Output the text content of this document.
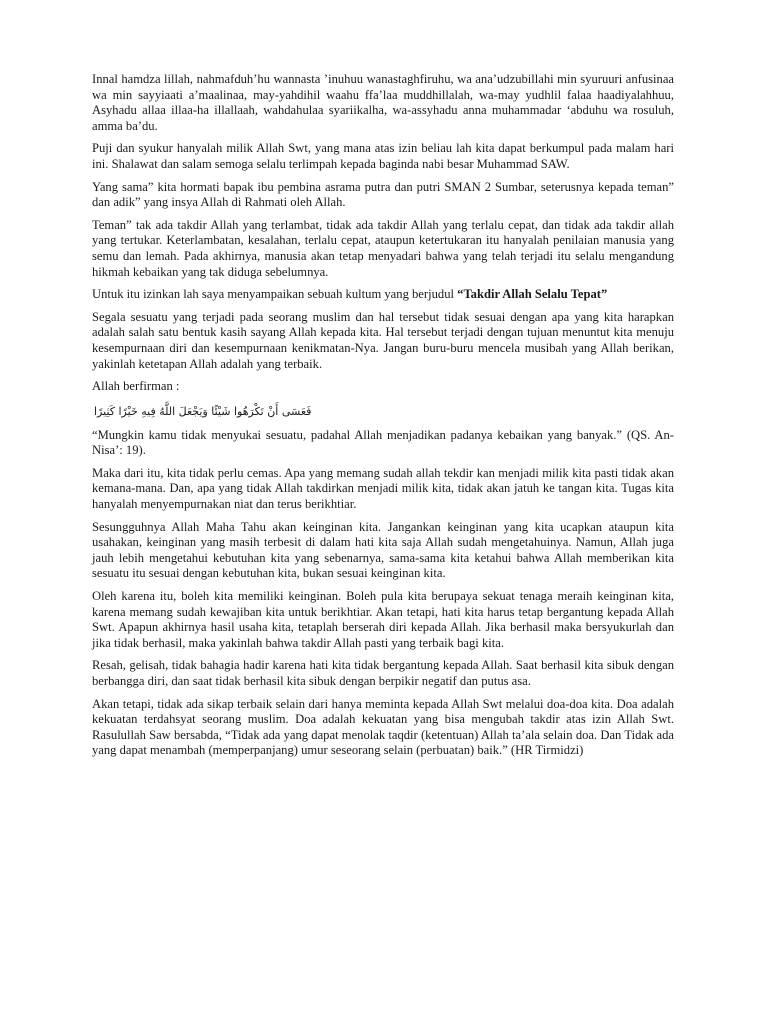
Innal hamdza lillah, nahmafduh’hu wannasta ’inuhuu wanastaghfiruhu, wa ana’udzubillahi min syuruuri anfusinaa wa min sayyiaati a’maalinaa, may-yahdihil waahu ffa’laa muddhillalah, wa-may yudhlil falaa haadiyalahhuu, Asyhadu allaa illaa-ha illallaah, wahdahulaa syariikalha, wa-assyhadu anna muhammadar ‘abduhu wa rosuluh, amma ba’du.

Puji dan syukur hanyalah milik Allah Swt, yang mana atas izin beliau lah kita dapat berkumpul pada malam hari ini. Shalawat dan salam semoga selalu terlimpah kepada baginda nabi besar Muhammad SAW.

Yang sama” kita hormati bapak ibu pembina asrama putra dan putri SMAN 2 Sumbar, seterusnya kepada teman” dan adik” yang insya Allah di Rahmati oleh Allah.

Teman” tak ada takdir Allah yang terlambat, tidak ada takdir Allah yang terlalu cepat, dan tidak ada takdir allah yang tertukar. Keterlambatan, kesalahan, terlalu cepat, ataupun ketertukaran itu hanyalah penilaian manusia yang semu dan lemah. Pada akhirnya, manusia akan tetap menyadari bahwa yang telah terjadi itu selalu mengandung hikmah kebaikan yang tak diduga sebelumnya.

Untuk itu izinkan lah saya menyampaikan sebuah kultum yang berjudul “Takdir Allah Selalu Tepat”

Segala sesuatu yang terjadi pada seorang muslim dan hal tersebut tidak sesuai dengan apa yang kita harapkan adalah salah satu bentuk kasih sayang Allah kepada kita. Hal tersebut terjadi dengan tujuan menuntut kita menuju kesempurnaan diri dan kesempurnaan kenikmatan-Nya. Jangan buru-buru mencela musibah yang Allah berikan, yakinlah ketetapan Allah adalah yang terbaik.

Allah berfirman :

فَعَسَى أَنْ تَكْرَهُوا شَيْئًا وَيَجْعَلَ اللَّهُ فِيهِ خَيْرًا كَثِيرًا

“Mungkin kamu tidak menyukai sesuatu, padahal Allah menjadikan padanya kebaikan yang banyak.” (QS. An-Nisa’: 19).

Maka dari itu, kita tidak perlu cemas. Apa yang memang sudah allah tekdir kan menjadi milik kita pasti tidak akan kemana-mana. Dan, apa yang tidak Allah takdirkan menjadi milik kita, tidak akan jatuh ke tangan kita. Tugas kita hanyalah menyempurnakan niat dan terus berikhtiar.

Sesungguhnya Allah Maha Tahu akan keinginan kita. Jangankan keinginan yang kita ucapkan ataupun kita usahakan, keinginan yang masih terbesit di dalam hati kita saja Allah sudah mengetahuinya. Namun, Allah juga jauh lebih mengetahui kebutuhan kita yang sebenarnya, sama-sama kita ketahui bahwa Allah memberikan kita sesuatu itu sesuai dengan kebutuhan kita, bukan sesuai keinginan kita.

Oleh karena itu, boleh kita memiliki keinginan. Boleh pula kita berupaya sekuat tenaga meraih keinginan kita, karena memang sudah kewajiban kita untuk berikhtiar. Akan tetapi, hati kita harus tetap bergantung kepada Allah Swt. Apapun akhirnya hasil usaha kita, tetaplah berserah diri kepada Allah. Jika berhasil maka bersyukurlah dan jika tidak berhasil, maka yakinlah bahwa takdir Allah pasti yang terbaik bagi kita.

Resah, gelisah, tidak bahagia hadir karena hati kita tidak bergantung kepada Allah. Saat berhasil kita sibuk dengan berbangga diri, dan saat tidak berhasil kita sibuk dengan berpikir negatif dan putus asa.

Akan tetapi, tidak ada sikap terbaik selain dari hanya meminta kepada Allah Swt melalui doa-doa kita. Doa adalah kekuatan terdahsyat seorang muslim. Doa adalah kekuatan yang bisa mengubah takdir atas izin Allah Swt. Rasulullah Saw bersabda, “Tidak ada yang dapat menolak taqdir (ketentuan) Allah ta’ala selain doa. Dan Tidak ada yang dapat menambah (memperpanjang) umur seseorang selain (perbuatan) baik.” (HR Tirmidzi)
